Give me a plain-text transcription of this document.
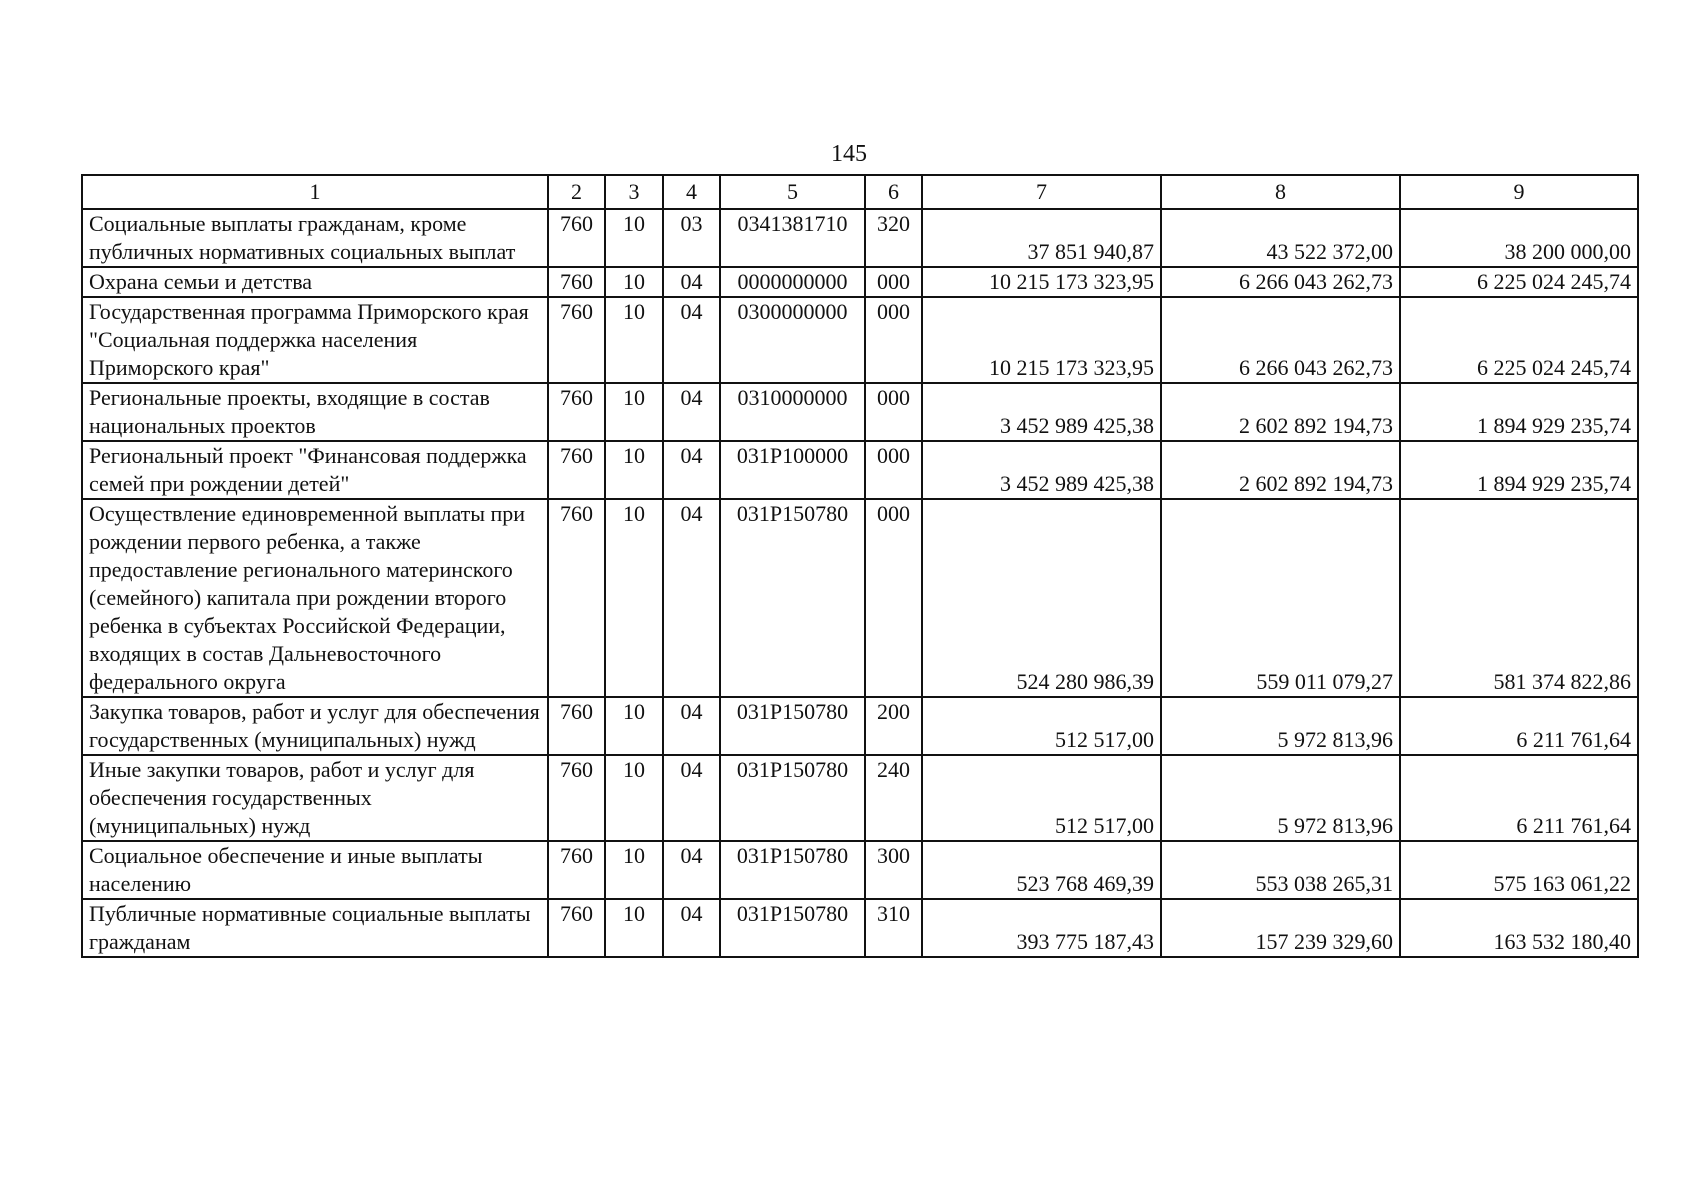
145
1	2	3	4	5	6	7	8	9
Социальные выплаты гражданам, кроме публичных нормативных социальных выплат	760	10	03	0341381710	320	37 851 940,87	43 522 372,00	38 200 000,00
Охрана семьи и детства	760	10	04	0000000000	000	10 215 173 323,95	6 266 043 262,73	6 225 024 245,74
Государственная программа Приморского края "Социальная поддержка населения Приморского края"	760	10	04	0300000000	000	10 215 173 323,95	6 266 043 262,73	6 225 024 245,74
Региональные проекты, входящие в состав национальных проектов	760	10	04	0310000000	000	3 452 989 425,38	2 602 892 194,73	1 894 929 235,74
Региональный проект "Финансовая поддержка семей при рождении детей"	760	10	04	031P100000	000	3 452 989 425,38	2 602 892 194,73	1 894 929 235,74
Осуществление единовременной выплаты при рождении первого ребенка, а также предоставление регионального материнского (семейного) капитала при рождении второго ребенка в субъектах Российской Федерации, входящих в состав Дальневосточного федерального округа	760	10	04	031P150780	000	524 280 986,39	559 011 079,27	581 374 822,86
Закупка товаров, работ и услуг для обеспечения государственных (муниципальных) нужд	760	10	04	031P150780	200	512 517,00	5 972 813,96	6 211 761,64
Иные закупки товаров, работ и услуг для обеспечения государственных (муниципальных) нужд	760	10	04	031P150780	240	512 517,00	5 972 813,96	6 211 761,64
Социальное обеспечение и иные выплаты населению	760	10	04	031P150780	300	523 768 469,39	553 038 265,31	575 163 061,22
Публичные нормативные социальные выплаты гражданам	760	10	04	031P150780	310	393 775 187,43	157 239 329,60	163 532 180,40
